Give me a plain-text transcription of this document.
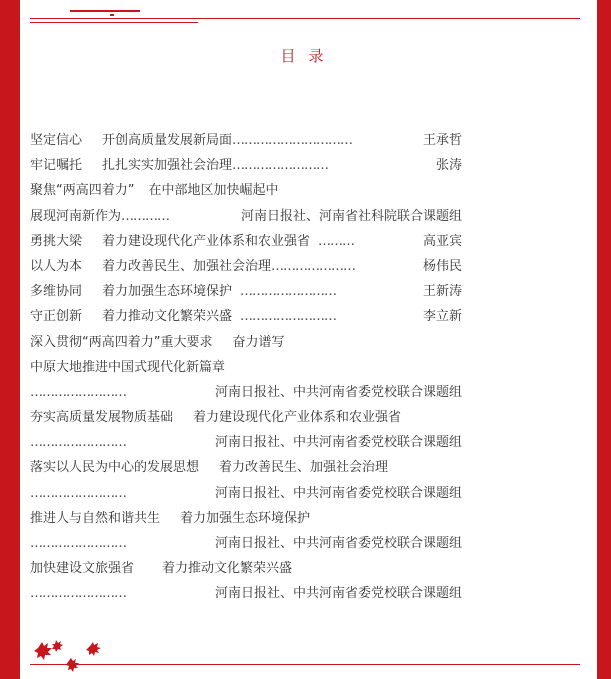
目录
坚定信心 开创高质量发展新局面…………………………	王承哲
牢记嘱托 扎扎实实加强社会治理……………………	张涛
聚焦“两高四着力” 在中部地区加快崛起中
展现河南新作为…………	河南日报社、河南省社科院联合课题组
勇挑大梁 着力建设现代化产业体系和农业强省 ………	高亚宾
以人为本 着力改善民生、加强社会治理…………………	杨伟民
多维协同 着力加强生态环境保护 ……………………	王新涛
守正创新 着力推动文化繁荣兴盛 ……………………	李立新
深入贯彻“两高四着力”重大要求 奋力谱写
中原大地推进中国式现代化新篇章
……………………	河南日报社、中共河南省委党校联合课题组
夯实高质量发展物质基础 着力建设现代化产业体系和农业强省
……………………	河南日报社、中共河南省委党校联合课题组
落实以人民为中心的发展思想 着力改善民生、加强社会治理
……………………	河南日报社、中共河南省委党校联合课题组
推进人与自然和谐共生 着力加强生态环境保护
……………………	河南日报社、中共河南省委党校联合课题组
加快建设文旅强省 着力推动文化繁荣兴盛
……………………	河南日报社、中共河南省委党校联合课题组
